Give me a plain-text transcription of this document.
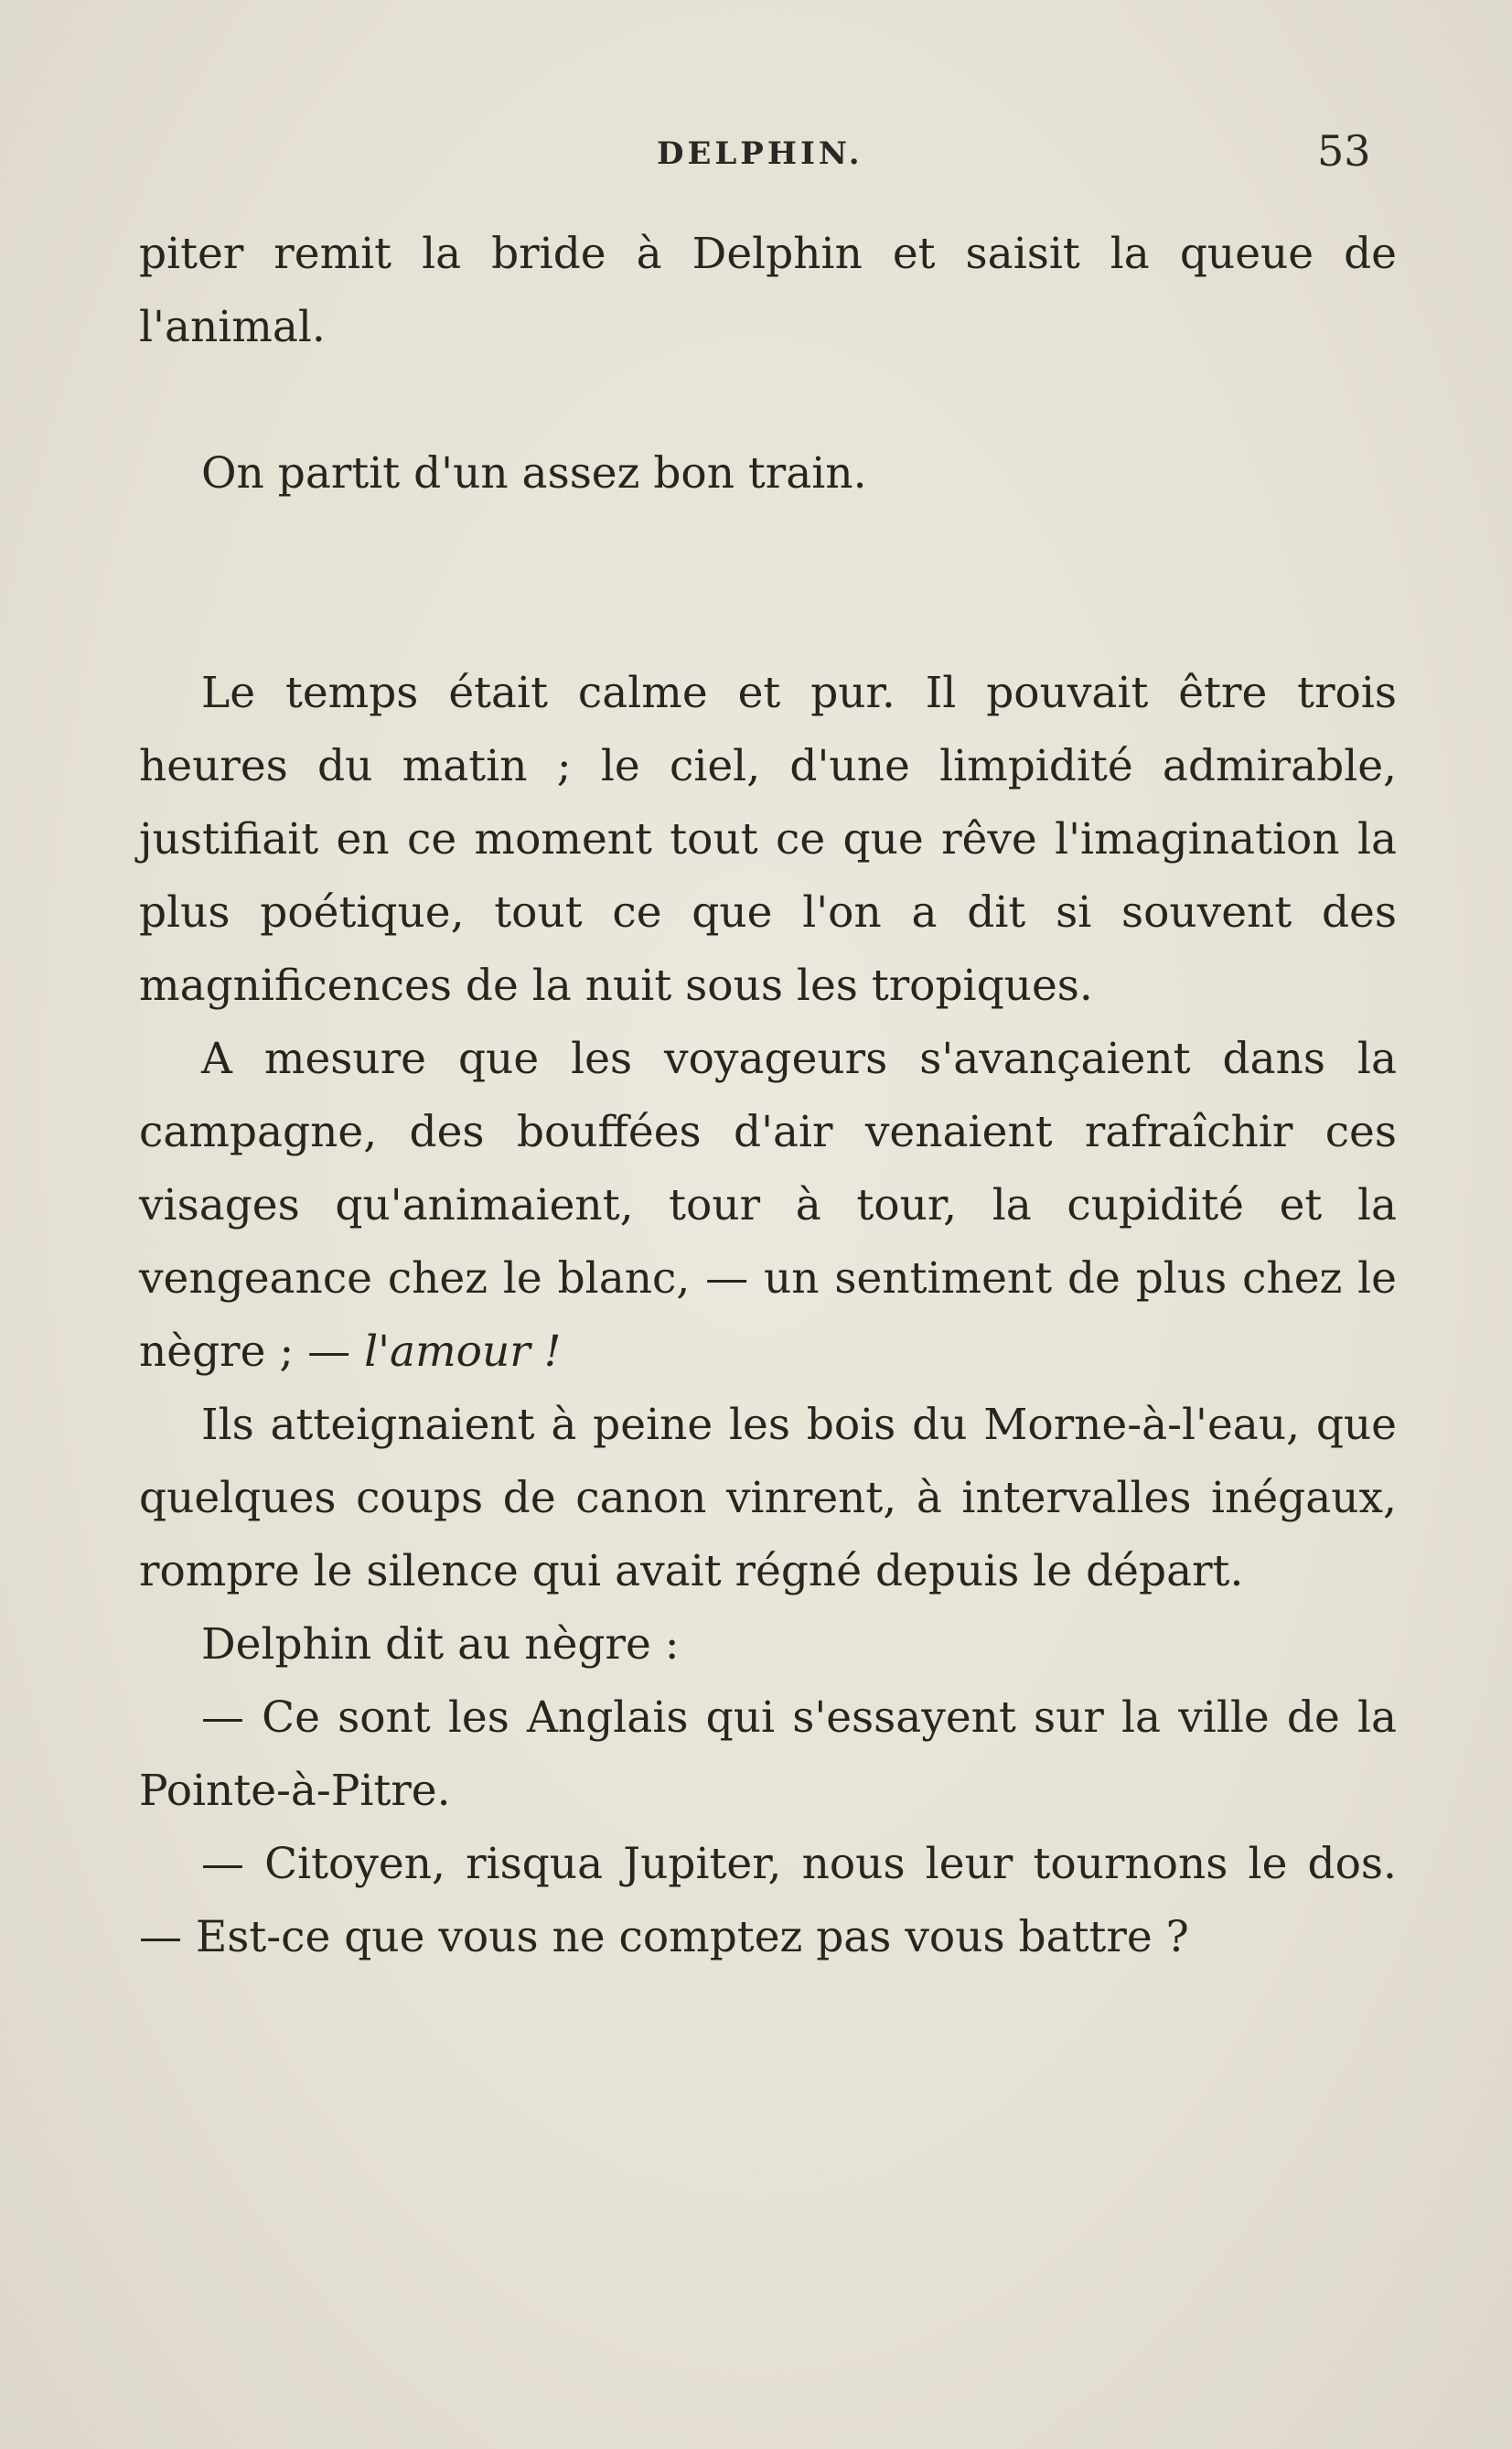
DELPHIN.	53

piter remit la bride à Delphin et saisit la queue de l'animal.

On partit d'un assez bon train.

Le temps était calme et pur. Il pouvait être trois heures du matin ; le ciel, d'une limpidité admirable, justifiait en ce moment tout ce que rêve l'imagination la plus poétique, tout ce que l'on a dit si souvent des magnificences de la nuit sous les tropiques.

A mesure que les voyageurs s'avançaient dans la campagne, des bouffées d'air venaient rafraîchir ces visages qu'animaient, tour à tour, la cupidité et la vengeance chez le blanc, — un sentiment de plus chez le nègre ; — l'amour !

Ils atteignaient à peine les bois du Morne-à-l'eau, que quelques coups de canon vinrent, à intervalles inégaux, rompre le silence qui avait régné depuis le départ.

Delphin dit au nègre :

— Ce sont les Anglais qui s'essayent sur la ville de la Pointe-à-Pitre.

— Citoyen, risqua Jupiter, nous leur tournons le dos. — Est-ce que vous ne comptez pas vous battre ?
